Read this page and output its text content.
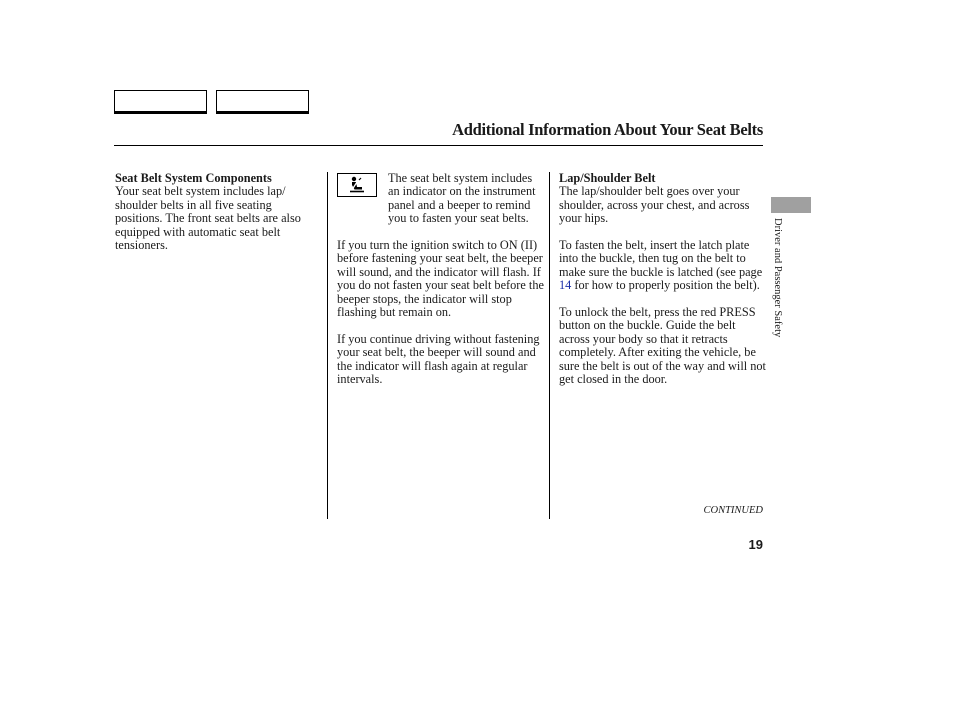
Additional Information About Your Seat Belts
Seat Belt System Components

Your seat belt system includes lap/ shoulder belts in all five seating positions. The front seat belts are also equipped with automatic seat belt tensioners.

The seat belt system includes an indicator on the instrument panel and a beeper to remind you to fasten your seat belts.

If you turn the ignition switch to ON (II) before fastening your seat belt, the beeper will sound, and the indicator will flash. If you do not fasten your seat belt before the beeper stops, the indicator will stop flashing but remain on.

If you continue driving without fastening your seat belt, the beeper will sound and the indicator will flash again at regular intervals.

Lap/Shoulder Belt

The lap/shoulder belt goes over your shoulder, across your chest, and across your hips.

To fasten the belt, insert the latch plate into the buckle, then tug on the belt to make sure the buckle is latched (see page 14 for how to properly position the belt).

To unlock the belt, press the red PRESS button on the buckle. Guide the belt across your body so that it retracts completely. After exiting the vehicle, be sure the belt is out of the way and will not get closed in the door.

CONTINUED
19
Driver and Passenger Safety
